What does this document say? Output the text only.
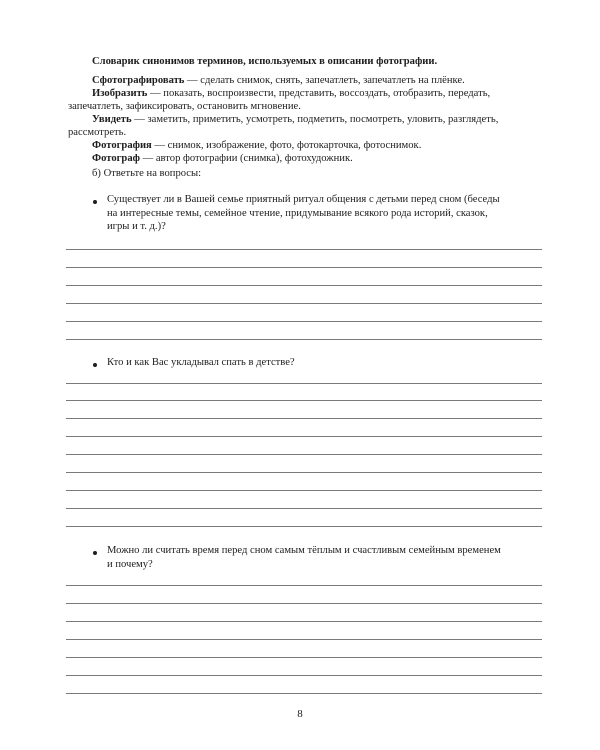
Словарик синонимов терминов, используемых в описании фотографии.
Сфотографировать — сделать снимок, снять, запечатлеть, запечатлеть на плёнке.
Изобразить — показать, воспроизвести, представить, воссоздать, отобразить, передать, запечатлеть, зафиксировать, остановить мгновение.
Увидеть — заметить, приметить, усмотреть, подметить, посмотреть, уловить, разглядеть, рассмотреть.
Фотография — снимок, изображение, фото, фотокарточка, фотоснимок.
Фотограф — автор фотографии (снимка), фотохудожник.
б) Ответьте на вопросы:
Существует ли в Вашей семье приятный ритуал общения с детьми перед сном (беседы
на интересные темы, семейное чтение, придумывание всякого рода историй, сказок,
игры и т. д.)?
Кто и как Вас укладывал спать в детстве?
Можно ли считать время перед сном самым тёплым и счастливым семейным временем
и почему?
8
